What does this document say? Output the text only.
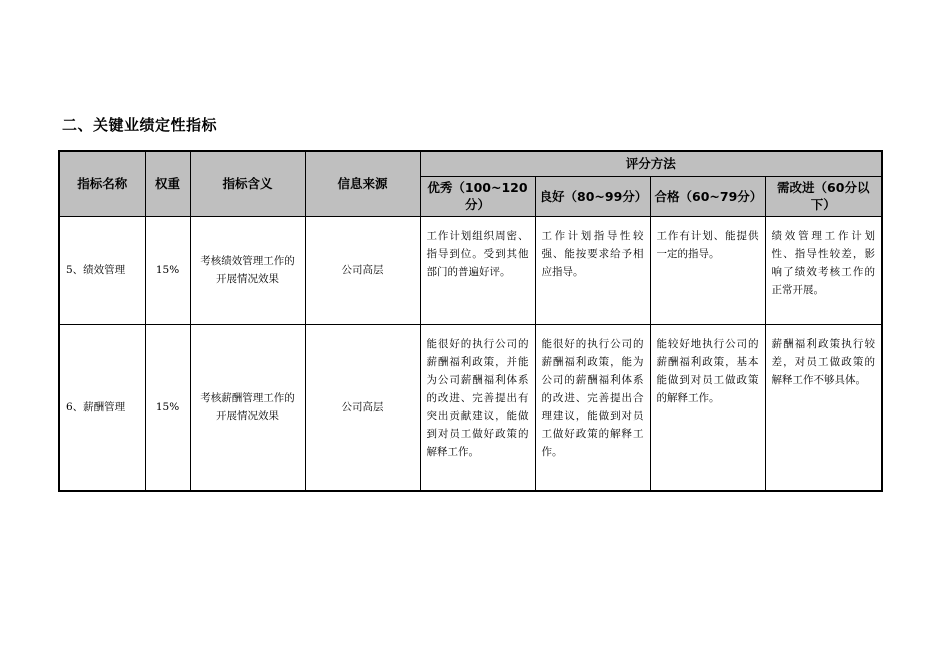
二、关键业绩定性指标
指标名称	权重	指标含义	信息来源	评分方法			
				优秀（100~120分）	良好（80~99分）	合格（60~79分）	需改进（60分以下）
5、绩效管理	15%	考核绩效管理工作的开展情况效果	公司高层	工作计划组织周密、指导到位。受到其他部门的普遍好评。	工作计划指导性较强、能按要求给予相应指导。	工作有计划、能提供一定的指导。	绩效管理工作计划性、指导性较差，影响了绩效考核工作的正常开展。
6、薪酬管理	15%	考核薪酬管理工作的开展情况效果	公司高层	能很好的执行公司的薪酬福利政策，并能为公司薪酬福利体系的改进、完善提出有突出贡献建议，能做到对员工做好政策的解释工作。	能很好的执行公司的薪酬福利政策，能为公司的薪酬福利体系的改进、完善提出合理建议，能做到对员工做好政策的解释工作。	能较好地执行公司的薪酬福利政策，基本能做到对员工做政策的解释工作。	薪酬福利政策执行较差，对员工做政策的解释工作不够具体。
